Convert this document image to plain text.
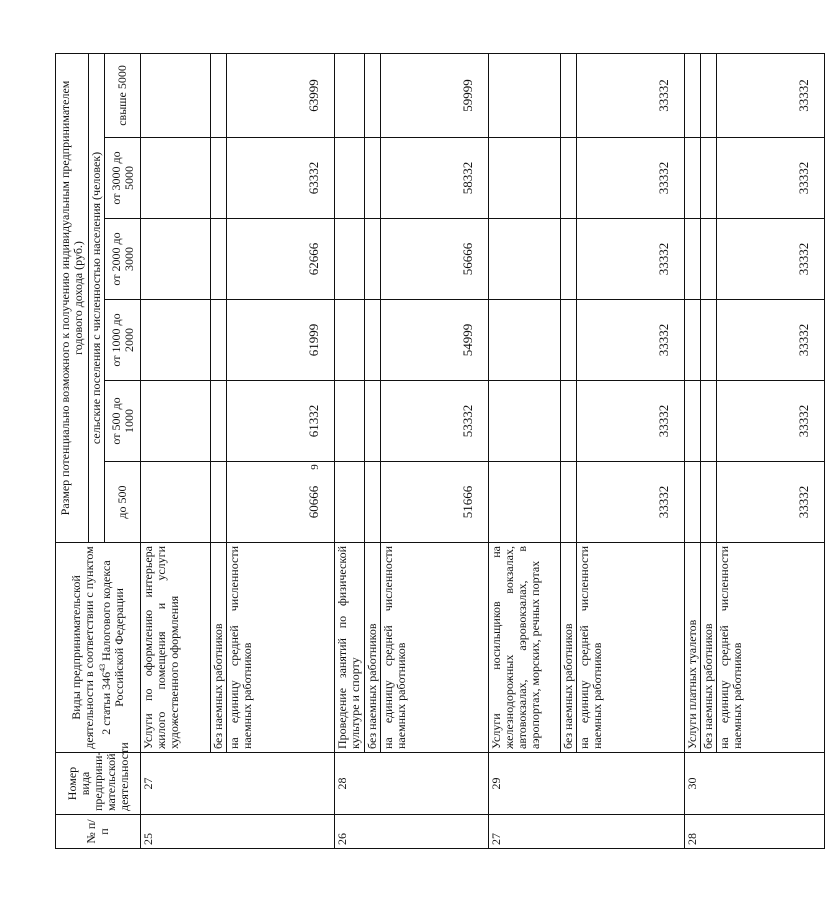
9
№ п/п	Номер вида предприни-мательской деятельности	Виды предпринимательской деятельности в соответствии с пунктом 2 статьи $346^{43}$ Налогового кодекса Российской Федерации	Размер потенциально возможного к получению индивидуальным предпринимателем годового дохода (руб.)					
			сельские поселения с численностью населения (человек)					
			до 500	от 500 до 1000	от 1000 до 2000	от 2000 до 3000	от 3000 до 5000	свыше 5000
25	27	Услуги по оформлению интерьера жилого помещения и услуги художественного оформления						
		без наемных работников						
		на единицу средней численности наемных работников	60666	61332	61999	62666	63332	63999
26	28	Проведение занятий по физической культуре и спорту						
		без наемных работников						
		на единицу средней численности наемных работников	51666	53332	54999	56666	58332	59999
27	29	Услуги носильщиков на железнодорожных вокзалах, автовокзалах, аэровокзалах, в аэропортах, морских, речных портах						
		без наемных работников						
		на единицу средней численности наемных работников	33332	33332	33332	33332	33332	33332
28	30	Услуги платных туалетов						
		без наемных работников						
		на единицу средней численности наемных работников	33332	33332	33332	33332	33332	33332
